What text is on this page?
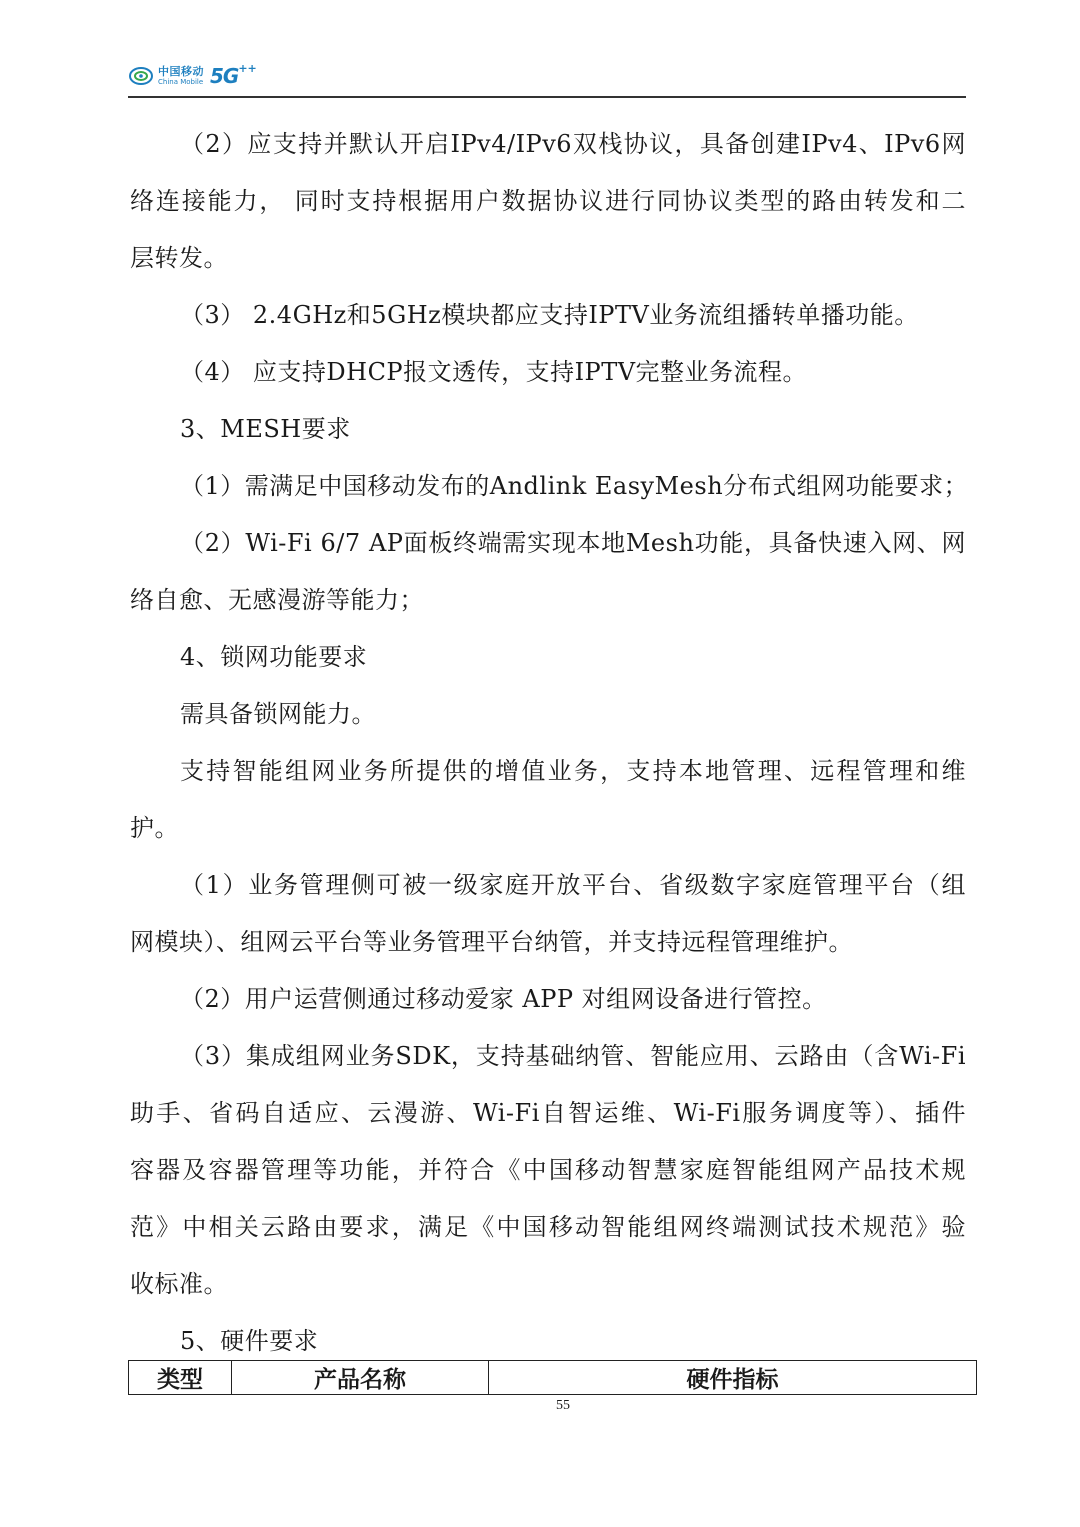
中国移动
China Mobile 5G ++
（2）应支持并默认开启IPv4/IPv6双栈协议，具备创建IPv4、IPv6网
络连接能力， 同时支持根据用户数据协议进行同协议类型的路由转发和二
层转发。
（3） 2.4GHz和5GHz模块都应支持IPTV业务流组播转单播功能。
（4） 应支持DHCP报文透传，支持IPTV完整业务流程。
3、MESH要求
（1）需满足中国移动发布的Andlink EasyMesh分布式组网功能要求；
（2）Wi-Fi 6/7 AP面板终端需实现本地Mesh功能，具备快速入网、网
络自愈、无感漫游等能力；
4、锁网功能要求
需具备锁网能力。
支持智能组网业务所提供的增值业务，支持本地管理、远程管理和维
护。
（1）业务管理侧可被一级家庭开放平台、省级数字家庭管理平台（组
网模块）、组网云平台等业务管理平台纳管，并支持远程管理维护。
（2）用户运营侧通过移动爱家 APP 对组网设备进行管控。
（3）集成组网业务SDK，支持基础纳管、智能应用、云路由（含Wi-Fi
助手、省码自适应、云漫游、Wi-Fi自智运维、Wi-Fi服务调度等）、插件
容器及容器管理等功能，并符合《中国移动智慧家庭智能组网产品技术规
范》中相关云路由要求，满足《中国移动智能组网终端测试技术规范》验
收标准。
5、硬件要求
类型	产品名称	硬件指标
55
